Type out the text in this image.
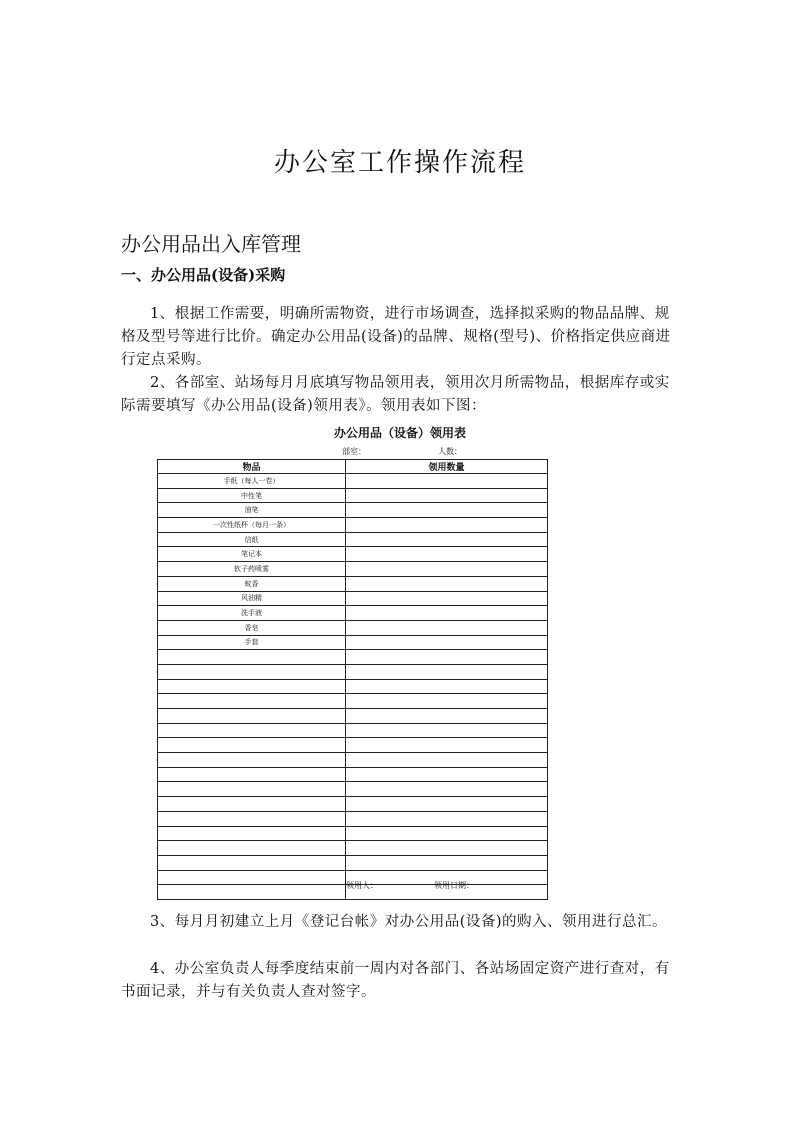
办公室工作操作流程
办公用品出入库管理
一、办公用品(设备)采购

1、根据工作需要，明确所需物资，进行市场调查，选择拟采购的物品品牌、规格及型号等进行比价。确定办公用品(设备)的品牌、规格(型号)、价格指定供应商进行定点采购。

2、各部室、站场每月月底填写物品领用表，领用次月所需物品，根据库存或实际需要填写《办公用品(设备)领用表》。领用表如下图：

办公用品（设备）领用表
部室：	人数：
物品	领用数量
手纸（每人一卷）	
中性笔	
油笔	
一次性纸杯（每月一条）	
信纸	
笔记本	
软子药喷雾	
蚊香	
风油精	
洗手液	
香皂	
手套	

领用人：	领用日期：

3、每月月初建立上月《登记台帐》对办公用品(设备)的购入、领用进行总汇。

4、办公室负责人每季度结束前一周内对各部门、各站场固定资产进行查对，有书面记录，并与有关负责人查对签字。
